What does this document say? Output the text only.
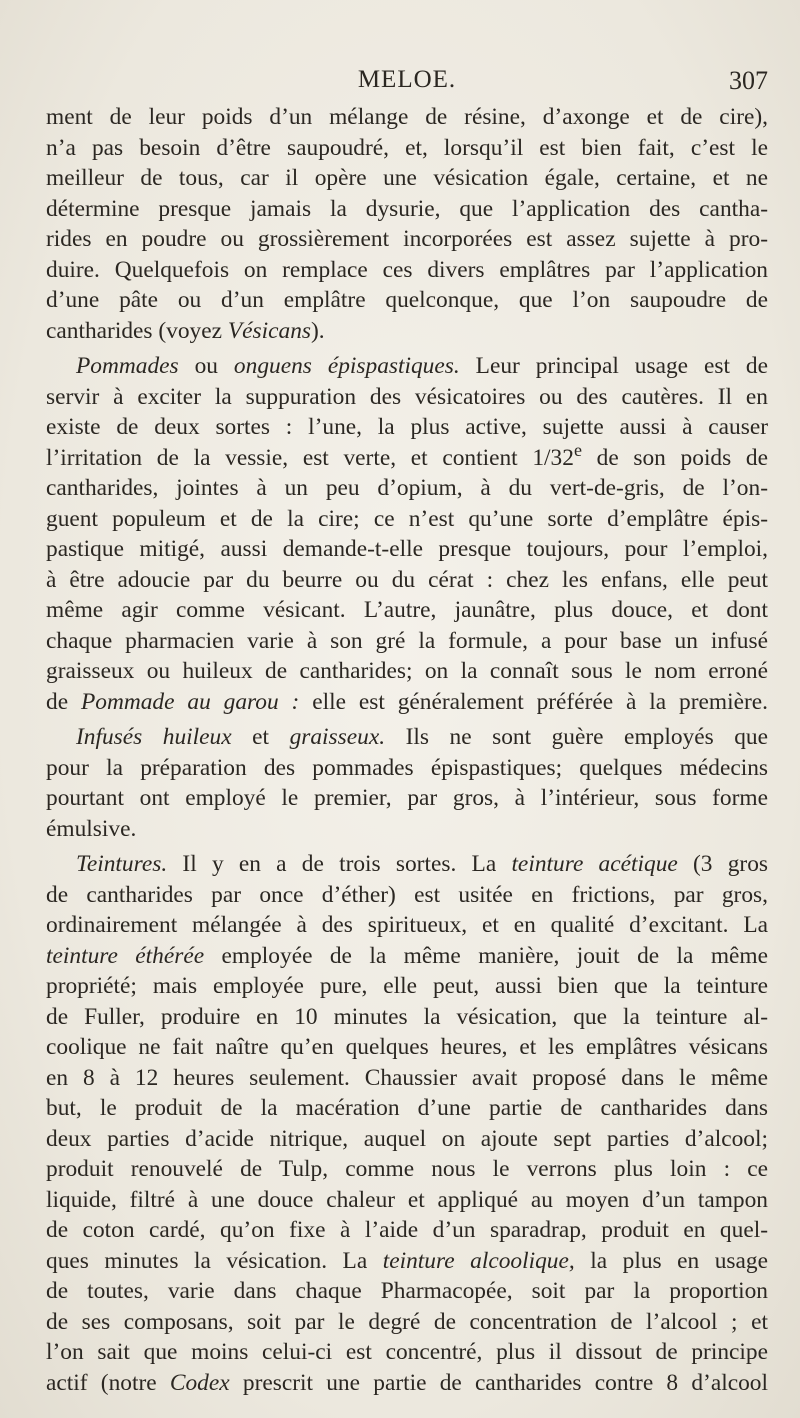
MELOE.	307
ment de leur poids d’un mélange de résine, d’axonge et de cire),
n’a pas besoin d’être saupoudré, et, lorsqu’il est bien fait, c’est le
meilleur de tous, car il opère une vésication égale, certaine, et ne
détermine presque jamais la dysurie, que l’application des cantha-
rides en poudre ou grossièrement incorporées est assez sujette à pro-
duire. Quelquefois on remplace ces divers emplâtres par l’application
d’une pâte ou d’un emplâtre quelconque, que l’on saupoudre de
cantharides (voyez Vésicans).
Pommades ou onguens épispastiques. Leur principal usage est de
servir à exciter la suppuration des vésicatoires ou des cautères. Il en
existe de deux sortes : l’une, la plus active, sujette aussi à causer
l’irritation de la vessie, est verte, et contient 1/32e de son poids de
cantharides, jointes à un peu d’opium, à du vert-de-gris, de l’on-
guent populeum et de la cire; ce n’est qu’une sorte d’emplâtre épis-
pastique mitigé, aussi demande-t-elle presque toujours, pour l’emploi,
à être adoucie par du beurre ou du cérat : chez les enfans, elle peut
même agir comme vésicant. L’autre, jaunâtre, plus douce, et dont
chaque pharmacien varie à son gré la formule, a pour base un infusé
graisseux ou huileux de cantharides; on la connaît sous le nom erroné
de Pommade au garou : elle est généralement préférée à la première.
Infusés huileux et graisseux. Ils ne sont guère employés que
pour la préparation des pommades épispastiques; quelques médecins
pourtant ont employé le premier, par gros, à l’intérieur, sous forme
émulsive.
Teintures. Il y en a de trois sortes. La teinture acétique (3 gros
de cantharides par once d’éther) est usitée en frictions, par gros,
ordinairement mélangée à des spiritueux, et en qualité d’excitant. La
teinture éthérée employée de la même manière, jouit de la même
propriété; mais employée pure, elle peut, aussi bien que la teinture
de Fuller, produire en 10 minutes la vésication, que la teinture al-
coolique ne fait naître qu’en quelques heures, et les emplâtres vésicans
en 8 à 12 heures seulement. Chaussier avait proposé dans le même
but, le produit de la macération d’une partie de cantharides dans
deux parties d’acide nitrique, auquel on ajoute sept parties d’alcool;
produit renouvelé de Tulp, comme nous le verrons plus loin : ce
liquide, filtré à une douce chaleur et appliqué au moyen d’un tampon
de coton cardé, qu’on fixe à l’aide d’un sparadrap, produit en quel-
ques minutes la vésication. La teinture alcoolique, la plus en usage
de toutes, varie dans chaque Pharmacopée, soit par la proportion
de ses composans, soit par le degré de concentration de l’alcool ; et
l’on sait que moins celui-ci est concentré, plus il dissout de principe
actif (notre Codex prescrit une partie de cantharides contre 8 d’alcool
